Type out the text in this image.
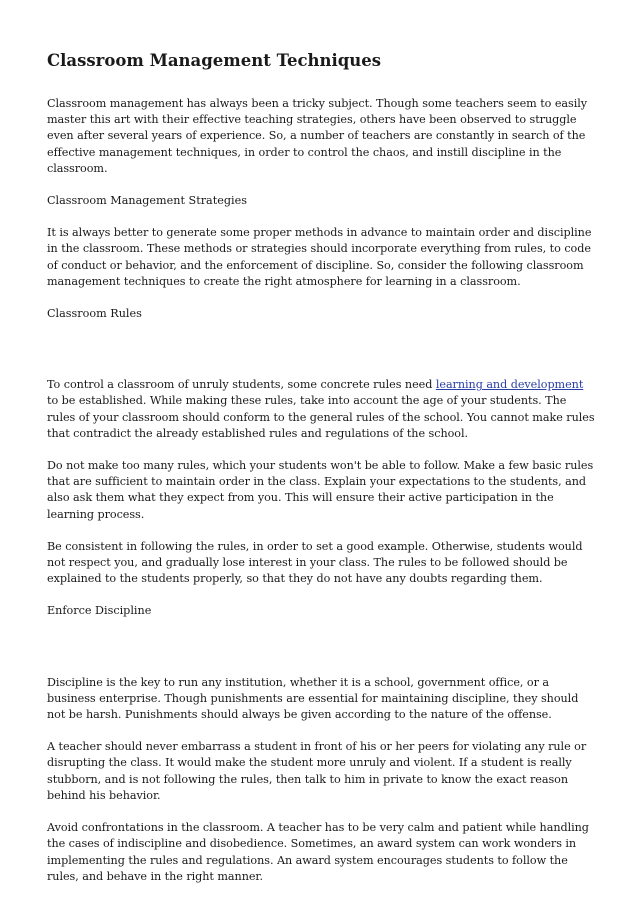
Classroom Management Techniques

Classroom management has always been a tricky subject. Though some teachers seem to easily master this art with their effective teaching strategies, others have been observed to struggle even after several years of experience. So, a number of teachers are constantly in search of the effective management techniques, in order to control the chaos, and instill discipline in the classroom.

Classroom Management Strategies

It is always better to generate some proper methods in advance to maintain order and discipline in the classroom. These methods or strategies should incorporate everything from rules, to code of conduct or behavior, and the enforcement of discipline. So, consider the following classroom management techniques to create the right atmosphere for learning in a classroom.

Classroom Rules

To control a classroom of unruly students, some concrete rules need learning and development to be established. While making these rules, take into account the age of your students. The rules of your classroom should conform to the general rules of the school. You cannot make rules that contradict the already established rules and regulations of the school.

Do not make too many rules, which your students won't be able to follow. Make a few basic rules that are sufficient to maintain order in the class. Explain your expectations to the students, and also ask them what they expect from you. This will ensure their active participation in the learning process.

Be consistent in following the rules, in order to set a good example. Otherwise, students would not respect you, and gradually lose interest in your class. The rules to be followed should be explained to the students properly, so that they do not have any doubts regarding them.

Enforce Discipline

Discipline is the key to run any institution, whether it is a school, government office, or a business enterprise. Though punishments are essential for maintaining discipline, they should not be harsh. Punishments should always be given according to the nature of the offense.

A teacher should never embarrass a student in front of his or her peers for violating any rule or disrupting the class. It would make the student more unruly and violent. If a student is really stubborn, and is not following the rules, then talk to him in private to know the exact reason behind his behavior.

Avoid confrontations in the classroom. A teacher has to be very calm and patient while handling the cases of indiscipline and disobedience. Sometimes, an award system can work wonders in implementing the rules and regulations. An award system encourages students to follow the rules, and behave in the right manner.
